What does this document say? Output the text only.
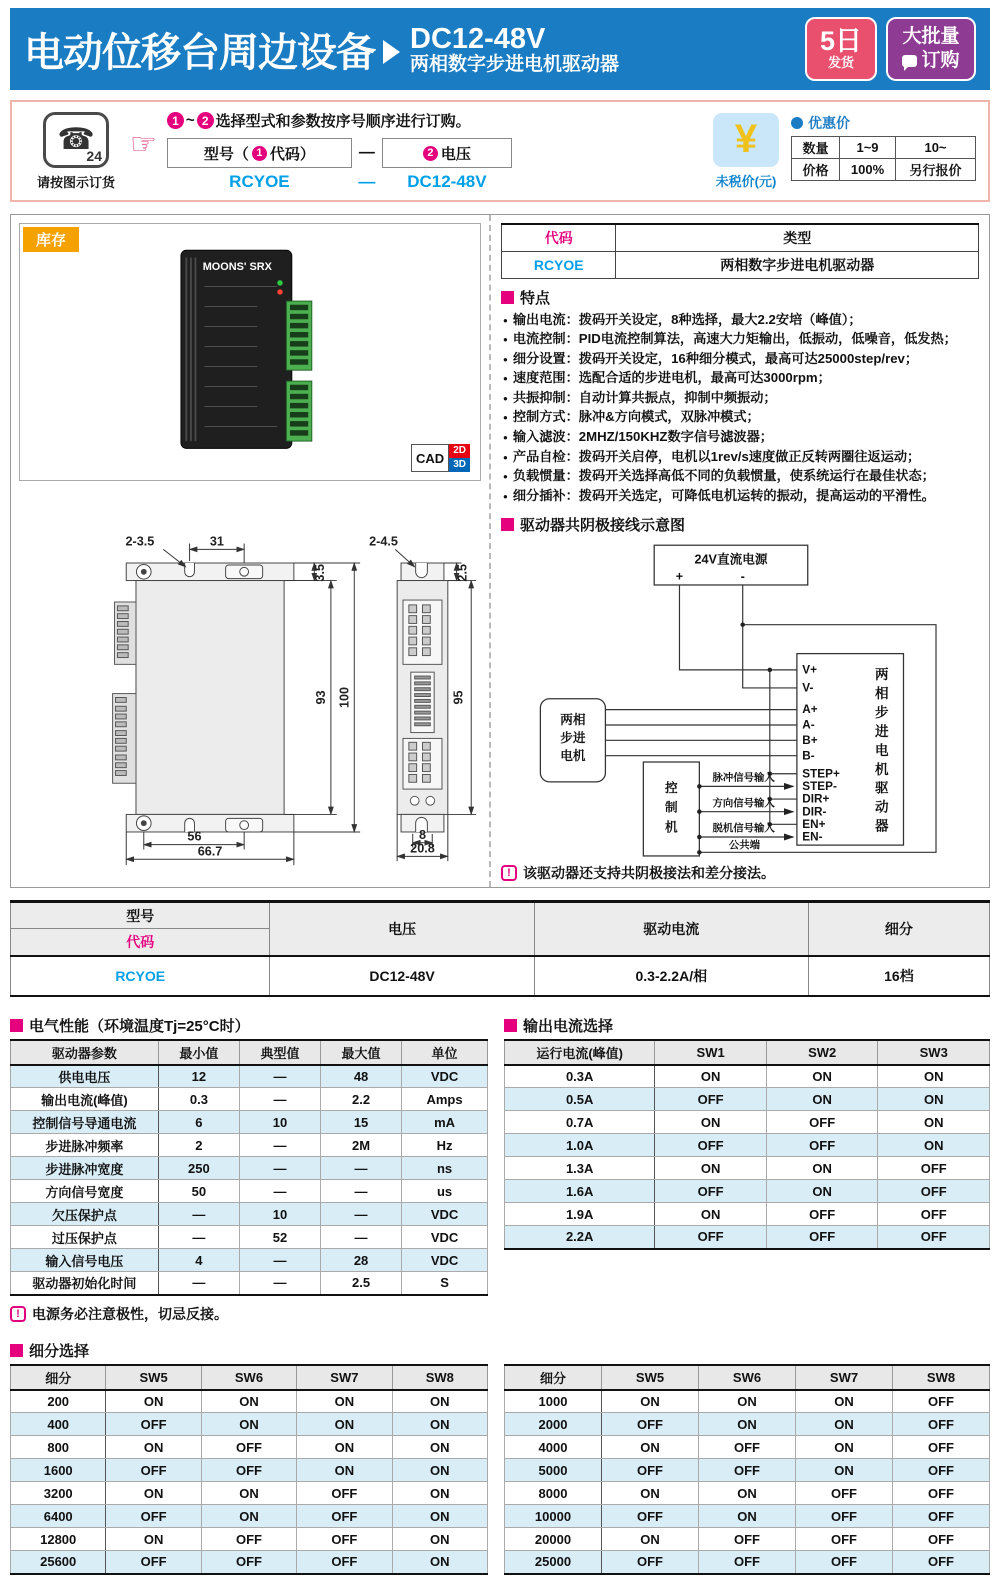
电动位移台周边设备 DC12-48V
两相数字步进电机驱动器
5日
发货
大批量
订购
☎
24
请按图示订货
☞
1 ~ 2 选择型式和参数按序号顺序进行订购。
型号（ 1 代码）	—	2 电压
RCYOE	—	DC12-48V
¥
未税价(元)
优惠价
数量	1~9	10~
价格	100%	另行报价
库存
MOONS' SRX
CAD 2D
3D
31
2-3.5
3.5
93 100
56
66.7
2-4.5
2.5
95
8
20.8
代码	类型
RCYOE	两相数字步进电机驱动器
特点
● 输出电流：拨码开关设定，8种选择，最大2.2安培（峰值）；
● 电流控制：PID电流控制算法，高速大力矩输出，低振动，低噪音，低发热；
● 细分设置：拨码开关设定，16种细分模式，最高可达25000step/rev；
● 速度范围：选配合适的步进电机，最高可达3000rpm；
● 共振抑制：自动计算共振点，抑制中频振动；
● 控制方式：脉冲&方向模式，双脉冲模式；
● 输入滤波：2MHZ/150KHZ数字信号滤波器；
● 产品自检：拨码开关启停，电机以1rev/s速度做正反转两圈往返运动；
● 负载惯量：拨码开关选择高低不同的负载惯量，使系统运行在最佳状态；
● 细分插补：拨码开关选定，可降低电机运转的振动，提高运动的平滑性。
驱动器共阴极接线示意图
24V直流电源
+	-
两相
步进
电机
控
制
机
V+
V-
A+
A-
B+
B-
STEP+
STEP-
DIR+
DIR-
EN+
EN-
两
相
步
进
电
机
驱
动
器
脉冲信号输入
方向信号输入
脱机信号输入
公共端
! 该驱动器还支持共阴极接法和差分接法。
型号	电压	驱动电流	细分
代码			
RCYOE	DC12-48V	0.3-2.2A/相	16档
电气性能（环境温度Tj=25°C时）
驱动器参数	最小值	典型值	最大值	单位
供电电压	12	—	48	VDC
输出电流(峰值)	0.3	—	2.2	Amps
控制信号导通电流	6	10	15	mA
步进脉冲频率	2	—	2M	Hz
步进脉冲宽度	250	—	—	ns
方向信号宽度	50	—	—	us
欠压保护点	—	10	—	VDC
过压保护点	—	52	—	VDC
输入信号电压	4	—	28	VDC
驱动器初始化时间	—	—	2.5	S
! 电源务必注意极性，切忌反接。
输出电流选择
运行电流(峰值)	SW1	SW2	SW3
0.3A	ON	ON	ON
0.5A	OFF	ON	ON
0.7A	ON	OFF	ON
1.0A	OFF	OFF	ON
1.3A	ON	ON	OFF
1.6A	OFF	ON	OFF
1.9A	ON	OFF	OFF
2.2A	OFF	OFF	OFF
细分选择
细分	SW5	SW6	SW7	SW8
200	ON	ON	ON	ON
400	OFF	ON	ON	ON
800	ON	OFF	ON	ON
1600	OFF	OFF	ON	ON
3200	ON	ON	OFF	ON
6400	OFF	ON	OFF	ON
12800	ON	OFF	OFF	ON
25600	OFF	OFF	OFF	ON
细分	SW5	SW6	SW7	SW8
1000	ON	ON	ON	OFF
2000	OFF	ON	ON	OFF
4000	ON	OFF	ON	OFF
5000	OFF	OFF	ON	OFF
8000	ON	ON	OFF	OFF
10000	OFF	ON	OFF	OFF
20000	ON	OFF	OFF	OFF
25000	OFF	OFF	OFF	OFF
